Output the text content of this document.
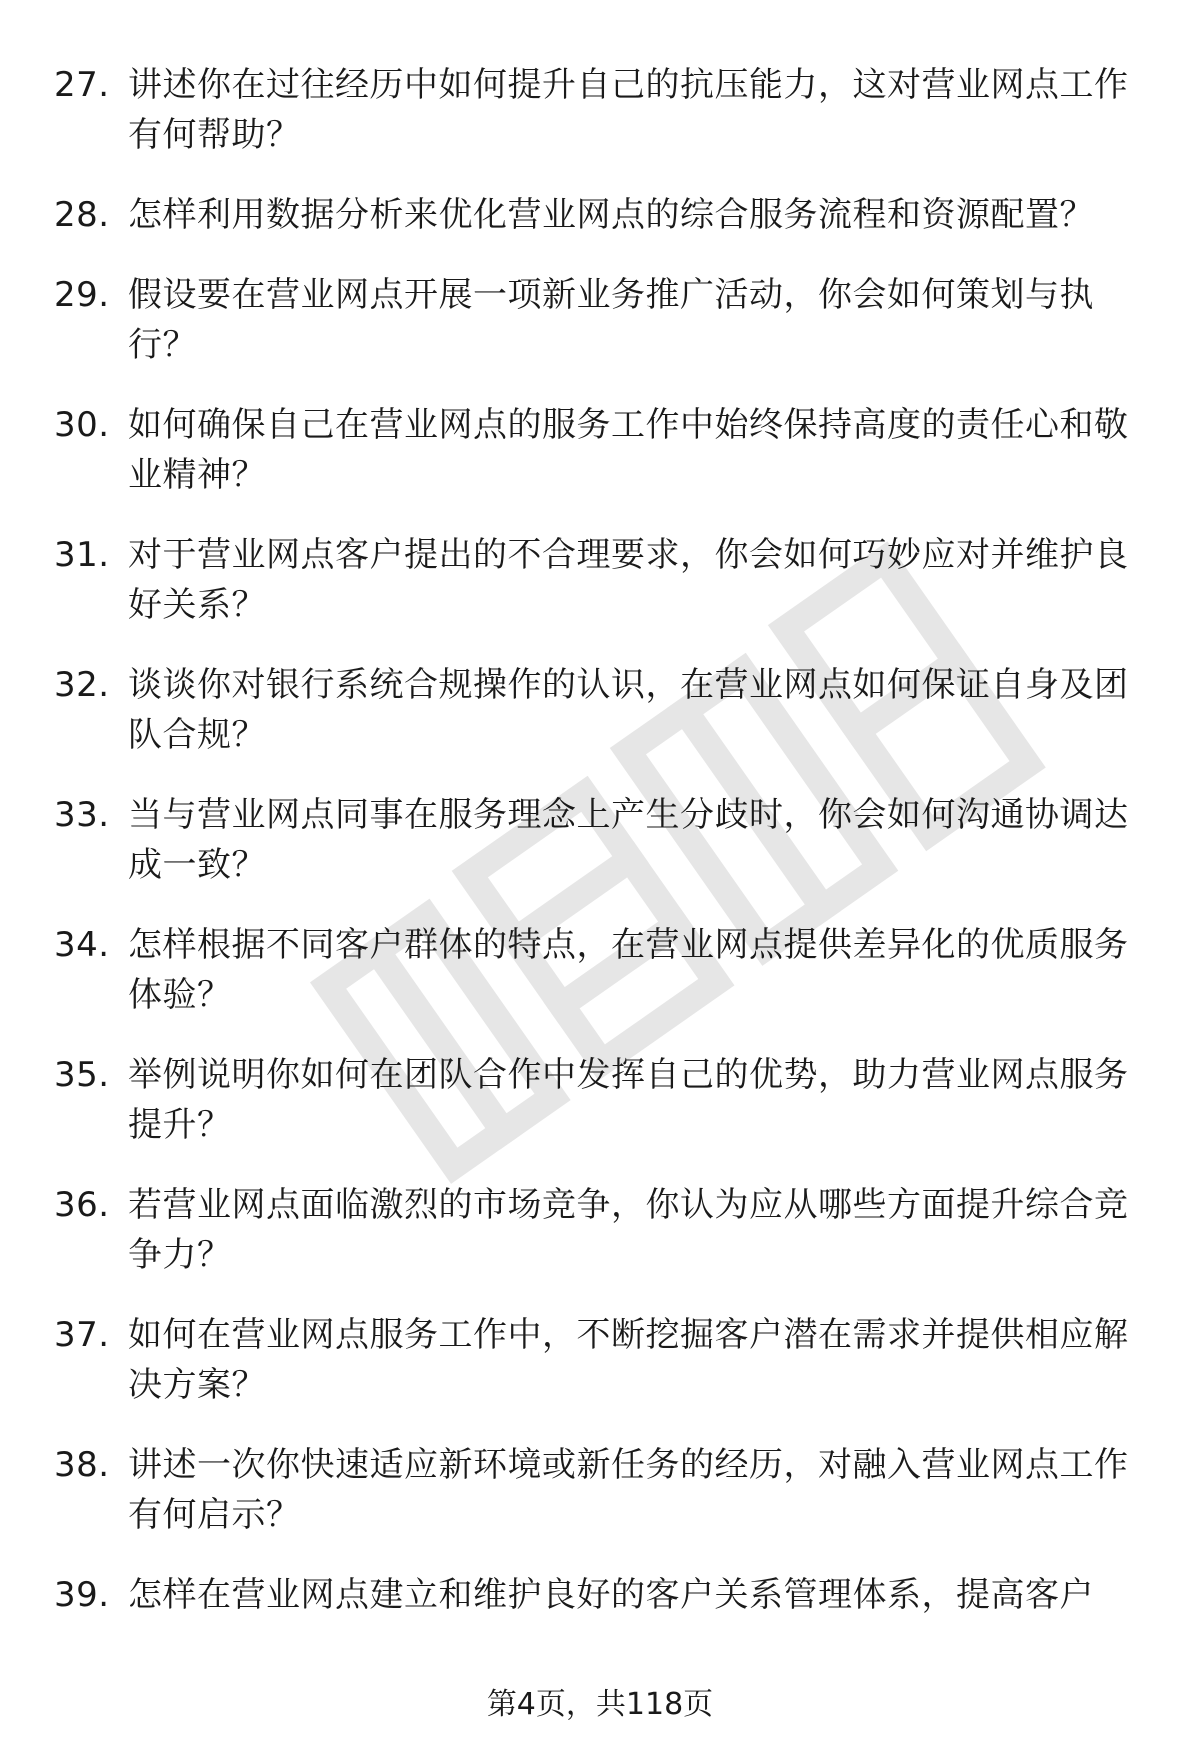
27. 讲述你在过往经历中如何提升自己的抗压能力，这对营业网点工作有何帮助？
28. 怎样利用数据分析来优化营业网点的综合服务流程和资源配置？
29. 假设要在营业网点开展一项新业务推广活动，你会如何策划与执行？
30. 如何确保自己在营业网点的服务工作中始终保持高度的责任心和敬业精神？
31. 对于营业网点客户提出的不合理要求，你会如何巧妙应对并维护良好关系？
32. 谈谈你对银行系统合规操作的认识，在营业网点如何保证自身及团队合规？
33. 当与营业网点同事在服务理念上产生分歧时，你会如何沟通协调达成一致？
34. 怎样根据不同客户群体的特点，在营业网点提供差异化的优质服务体验？
35. 举例说明你如何在团队合作中发挥自己的优势，助力营业网点服务提升？
36. 若营业网点面临激烈的市场竞争，你认为应从哪些方面提升综合竞争力？
37. 如何在营业网点服务工作中，不断挖掘客户潜在需求并提供相应解决方案？
38. 讲述一次你快速适应新环境或新任务的经历，对融入营业网点工作有何启示？
39. 怎样在营业网点建立和维护良好的客户关系管理体系，提高客户
第4页，共118页
